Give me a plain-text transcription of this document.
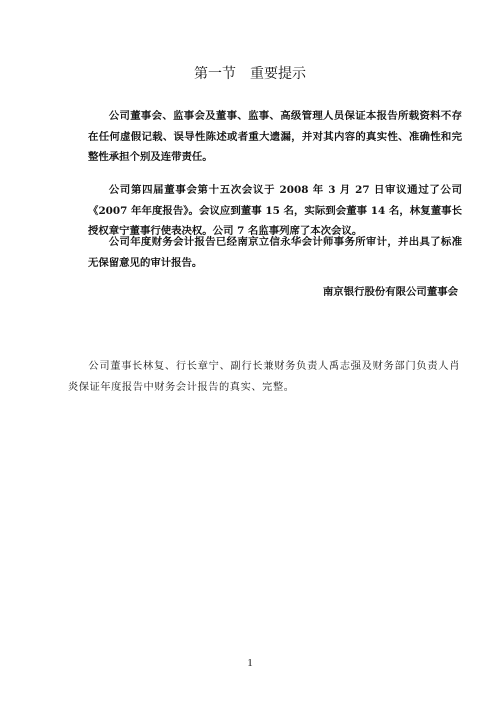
第一节 重要提示

公司董事会、监事会及董事、监事、高级管理人员保证本报告所载资料不存在任何虚假记载、误导性陈述或者重大遗漏，并对其内容的真实性、准确性和完整性承担个别及连带责任。

公司第四届董事会第十五次会议于 2008 年 3 月 27 日审议通过了公司《2007 年年度报告》。会议应到董事 15 名，实际到会董事 14 名，林复董事长授权章宁董事行使表决权。公司 7 名监事列席了本次会议。

公司年度财务会计报告已经南京立信永华会计师事务所审计，并出具了标准无保留意见的审计报告。

南京银行股份有限公司董事会

公司董事长林复、行长章宁、副行长兼财务负责人禹志强及财务部门负责人肖炎保证年度报告中财务会计报告的真实、完整。

1
